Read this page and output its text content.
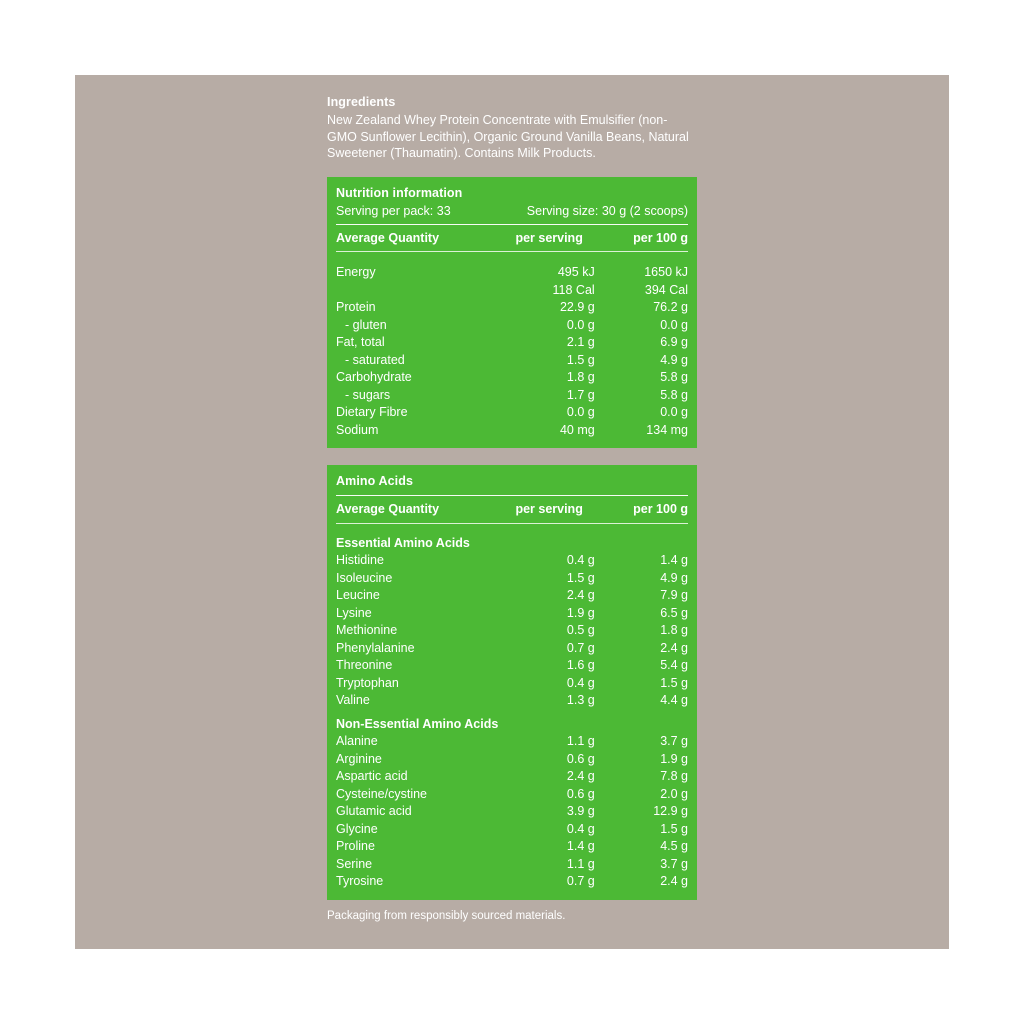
Ingredients
New Zealand Whey Protein Concentrate with Emulsifier (non-GMO Sunflower Lecithin), Organic Ground Vanilla Beans, Natural Sweetener (Thaumatin). Contains Milk Products.
Nutrition information
Serving per pack: 33	Serving size: 30 g (2 scoops)
Average Quantity	per serving	per 100 g

Energy	495 kJ	1650 kJ
	118 Cal	394 Cal
Protein	22.9 g	76.2 g
- gluten	0.0 g	0.0 g
Fat, total	2.1 g	6.9 g
- saturated	1.5 g	4.9 g
Carbohydrate	1.8 g	5.8 g
- sugars	1.7 g	5.8 g
Dietary Fibre	0.0 g	0.0 g
Sodium	40 mg	134 mg
Amino Acids
Average Quantity	per serving	per 100 g
Essential Amino Acids		
Histidine	0.4 g	1.4 g
Isoleucine	1.5 g	4.9 g
Leucine	2.4 g	7.9 g
Lysine	1.9 g	6.5 g
Methionine	0.5 g	1.8 g
Phenylalanine	0.7 g	2.4 g
Threonine	1.6 g	5.4 g
Tryptophan	0.4 g	1.5 g
Valine	1.3 g	4.4 g
Non-Essential Amino Acids		
Alanine	1.1 g	3.7 g
Arginine	0.6 g	1.9 g
Aspartic acid	2.4 g	7.8 g
Cysteine/cystine	0.6 g	2.0 g
Glutamic acid	3.9 g	12.9 g
Glycine	0.4 g	1.5 g
Proline	1.4 g	4.5 g
Serine	1.1 g	3.7 g
Tyrosine	0.7 g	2.4 g
Packaging from responsibly sourced materials.
